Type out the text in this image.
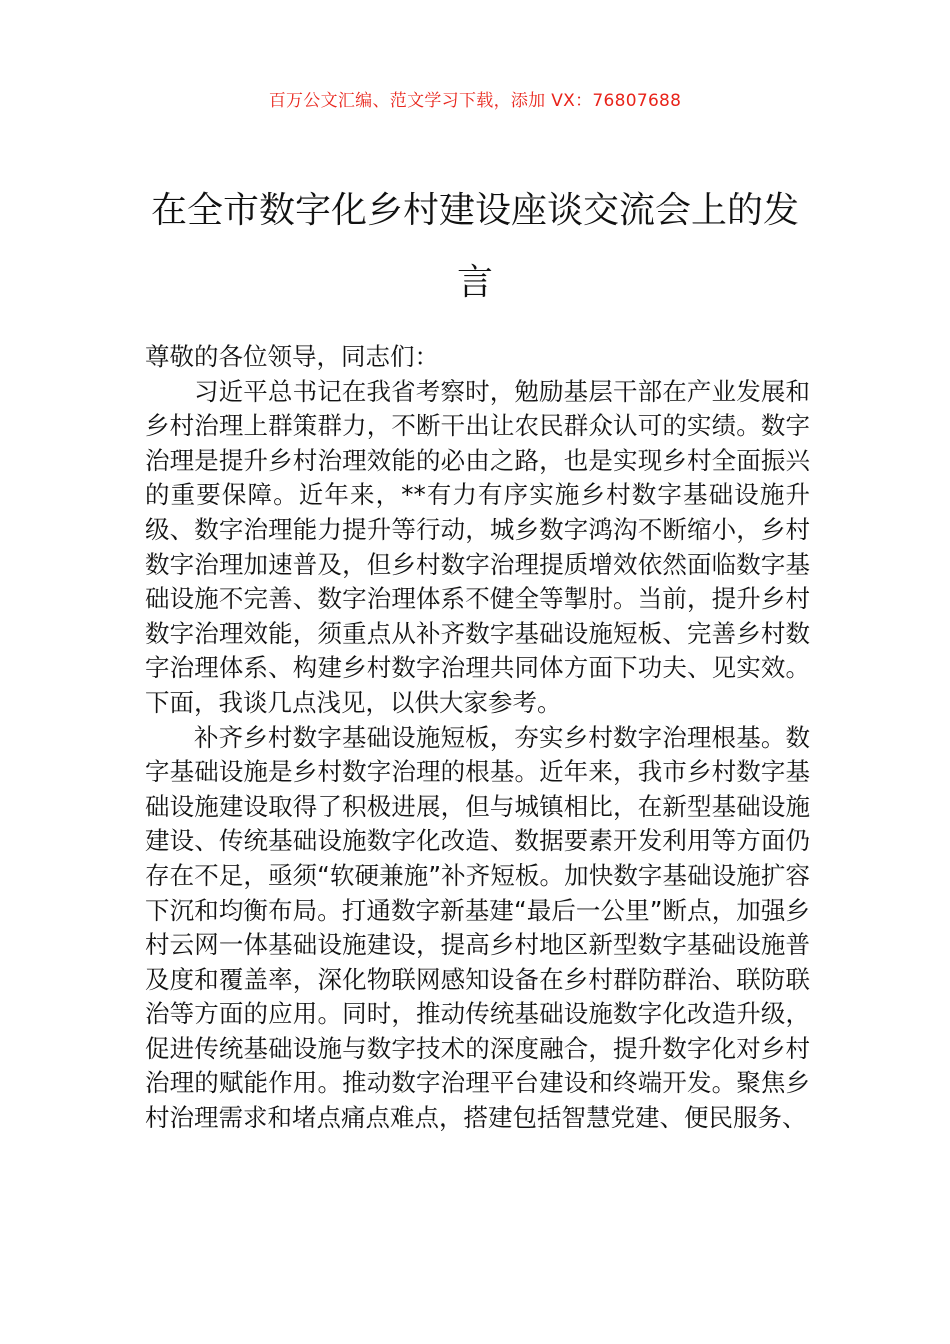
百万公文汇编、范文学习下载，添加 VX：76807688
在全市数字化乡村建设座谈交流会上的发言

尊敬的各位领导，同志们：

习近平总书记在我省考察时，勉励基层干部在产业发展和乡村治理上群策群力，不断干出让农民群众认可的实绩。数字治理是提升乡村治理效能的必由之路，也是实现乡村全面振兴的重要保障。近年来，**有力有序实施乡村数字基础设施升级、数字治理能力提升等行动，城乡数字鸿沟不断缩小，乡村数字治理加速普及，但乡村数字治理提质增效依然面临数字基础设施不完善、数字治理体系不健全等掣肘。当前，提升乡村数字治理效能，须重点从补齐数字基础设施短板、完善乡村数字治理体系、构建乡村数字治理共同体方面下功夫、见实效。下面，我谈几点浅见，以供大家参考。

补齐乡村数字基础设施短板，夯实乡村数字治理根基。数字基础设施是乡村数字治理的根基。近年来，我市乡村数字基础设施建设取得了积极进展，但与城镇相比，在新型基础设施建设、传统基础设施数字化改造、数据要素开发利用等方面仍存在不足，亟须“软硬兼施”补齐短板。加快数字基础设施扩容下沉和均衡布局。打通数字新基建“最后一公里”断点，加强乡村云网一体基础设施建设，提高乡村地区新型数字基础设施普及度和覆盖率，深化物联网感知设备在乡村群防群治、联防联治等方面的应用。同时，推动传统基础设施数字化改造升级，促进传统基础设施与数字技术的深度融合，提升数字化对乡村治理的赋能作用。推动数字治理平台建设和终端开发。聚焦乡村治理需求和堵点痛点难点，搭建包括智慧党建、便民服务、
